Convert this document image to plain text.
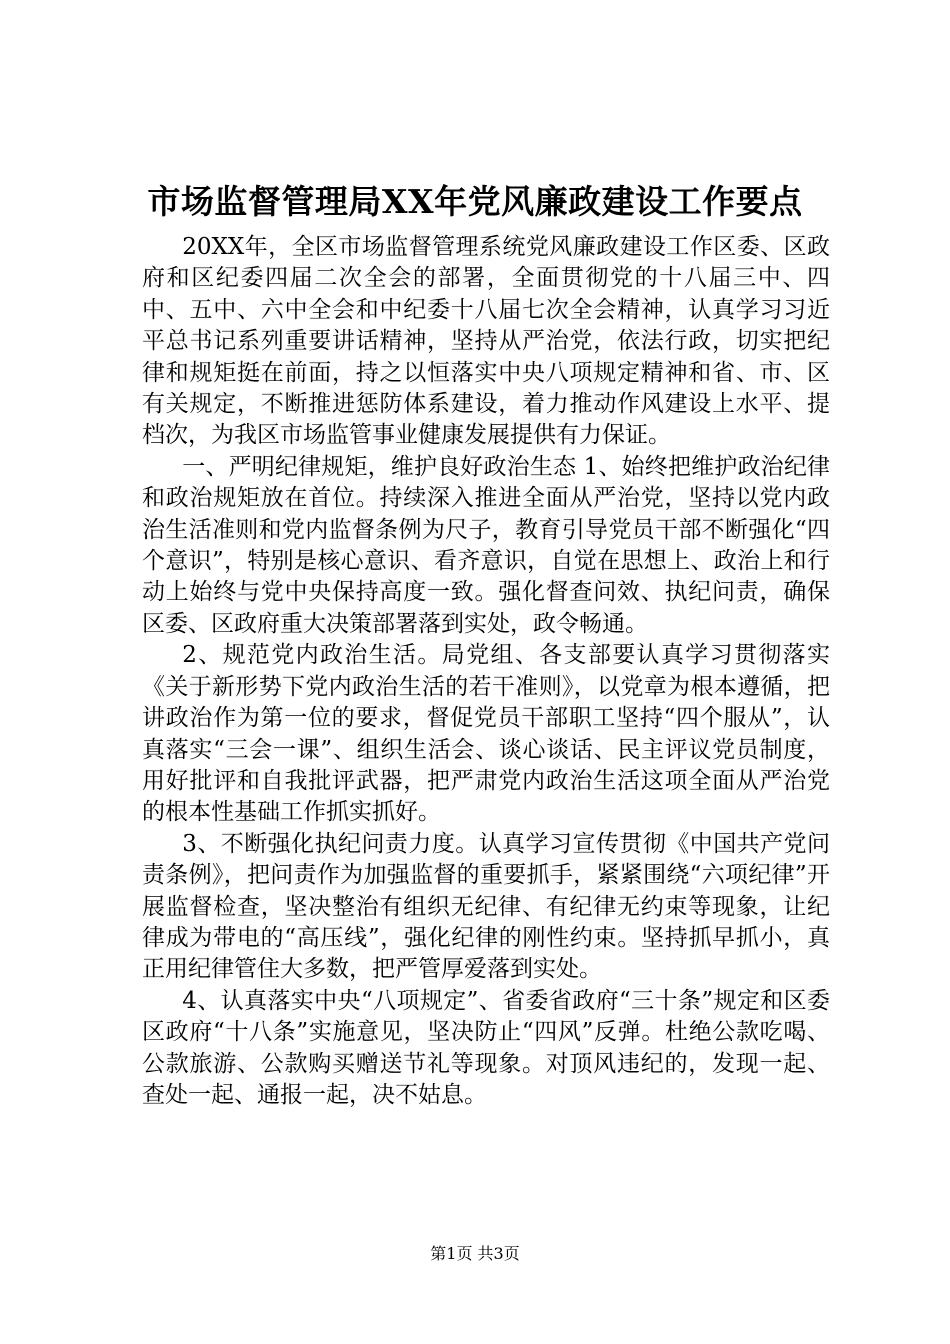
市场监督管理局XX年党风廉政建设工作要点

20XX年，全区市场监督管理系统党风廉政建设工作区委、区政府和区纪委四届二次全会的部署，全面贯彻党的十八届三中、四中、五中、六中全会和中纪委十八届七次全会精神，认真学习习近平总书记系列重要讲话精神，坚持从严治党，依法行政，切实把纪律和规矩挺在前面，持之以恒落实中央八项规定精神和省、市、区有关规定，不断推进惩防体系建设，着力推动作风建设上水平、提档次，为我区市场监管事业健康发展提供有力保证。

一、严明纪律规矩，维护良好政治生态 1、始终把维护政治纪律和政治规矩放在首位。持续深入推进全面从严治党，坚持以党内政治生活准则和党内监督条例为尺子，教育引导党员干部不断强化“四个意识”，特别是核心意识、看齐意识，自觉在思想上、政治上和行动上始终与党中央保持高度一致。强化督查问效、执纪问责，确保区委、区政府重大决策部署落到实处，政令畅通。

2、规范党内政治生活。局党组、各支部要认真学习贯彻落实《关于新形势下党内政治生活的若干准则》，以党章为根本遵循，把讲政治作为第一位的要求，督促党员干部职工坚持“四个服从”，认真落实“三会一课”、组织生活会、谈心谈话、民主评议党员制度，用好批评和自我批评武器，把严肃党内政治生活这项全面从严治党的根本性基础工作抓实抓好。

3、不断强化执纪问责力度。认真学习宣传贯彻《中国共产党问责条例》，把问责作为加强监督的重要抓手，紧紧围绕“六项纪律”开展监督检查，坚决整治有组织无纪律、有纪律无约束等现象，让纪律成为带电的“高压线”，强化纪律的刚性约束。坚持抓早抓小，真正用纪律管住大多数，把严管厚爱落到实处。

4、认真落实中央“八项规定”、省委省政府“三十条”规定和区委区政府“十八条”实施意见，坚决防止“四风”反弹。杜绝公款吃喝、公款旅游、公款购买赠送节礼等现象。对顶风违纪的，发现一起、查处一起、通报一起，决不姑息。

第1页 共3页
